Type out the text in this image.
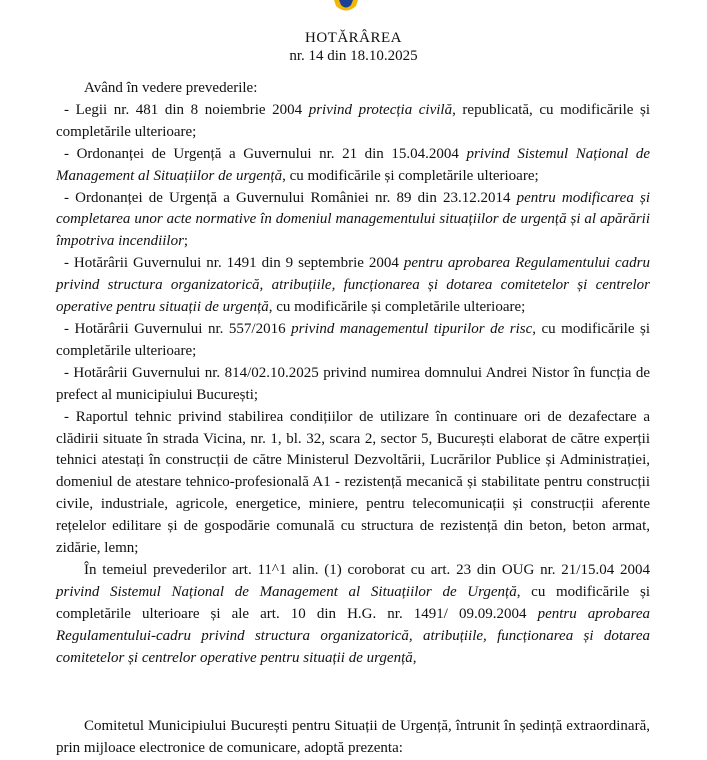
HOTĂRÂREA
nr. 14 din 18.10.2025

Având în vedere prevederile:

- Legii nr. 481 din 8 noiembrie 2004 privind protecția civilă, republicată, cu modificările și completările ulterioare;

- Ordonanței de Urgență a Guvernului nr. 21 din 15.04.2004 privind Sistemul Național de Management al Situațiilor de urgență, cu modificările și completările ulterioare;

- Ordonanței de Urgență a Guvernului României nr. 89 din 23.12.2014 pentru modificarea și completarea unor acte normative în domeniul managementului situațiilor de urgență și al apărării împotriva incendiilor;

- Hotărârii Guvernului nr. 1491 din 9 septembrie 2004 pentru aprobarea Regulamentului cadru privind structura organizatorică, atribuțiile, funcționarea și dotarea comitetelor și centrelor operative pentru situații de urgență, cu modificările și completările ulterioare;

- Hotărârii Guvernului nr. 557/2016 privind managementul tipurilor de risc, cu modificările și completările ulterioare;

- Hotărârii Guvernului nr. 814/02.10.2025 privind numirea domnului Andrei Nistor în funcția de prefect al municipiului București;

- Raportul tehnic privind stabilirea condițiilor de utilizare în continuare ori de dezafectare a clădirii situate în strada Vicina, nr. 1, bl. 32, scara 2, sector 5, București elaborat de către experții tehnici atestați în construcții de către Ministerul Dezvoltării, Lucrărilor Publice și Administrației, domeniul de atestare tehnico-profesională A1 - rezistență mecanică și stabilitate pentru construcții civile, industriale, agricole, energetice, miniere, pentru telecomunicații și construcții aferente rețelelor edilitare și de gospodărie comunală cu structura de rezistență din beton, beton armat, zidărie, lemn;

În temeiul prevederilor art. 11^1 alin. (1) coroborat cu art. 23 din OUG nr. 21/15.04 2004 privind Sistemul Național de Management al Situațiilor de Urgență, cu modificările și completările ulterioare și ale art. 10 din H.G. nr. 1491/ 09.09.2004 pentru aprobarea Regulamentului-cadru privind structura organizatorică, atribuțiile, funcționarea și dotarea comitetelor și centrelor operative pentru situații de urgență,

Comitetul Municipiului București pentru Situații de Urgență, întrunit în ședință extraordinară, prin mijloace electronice de comunicare, adoptă prezenta:
